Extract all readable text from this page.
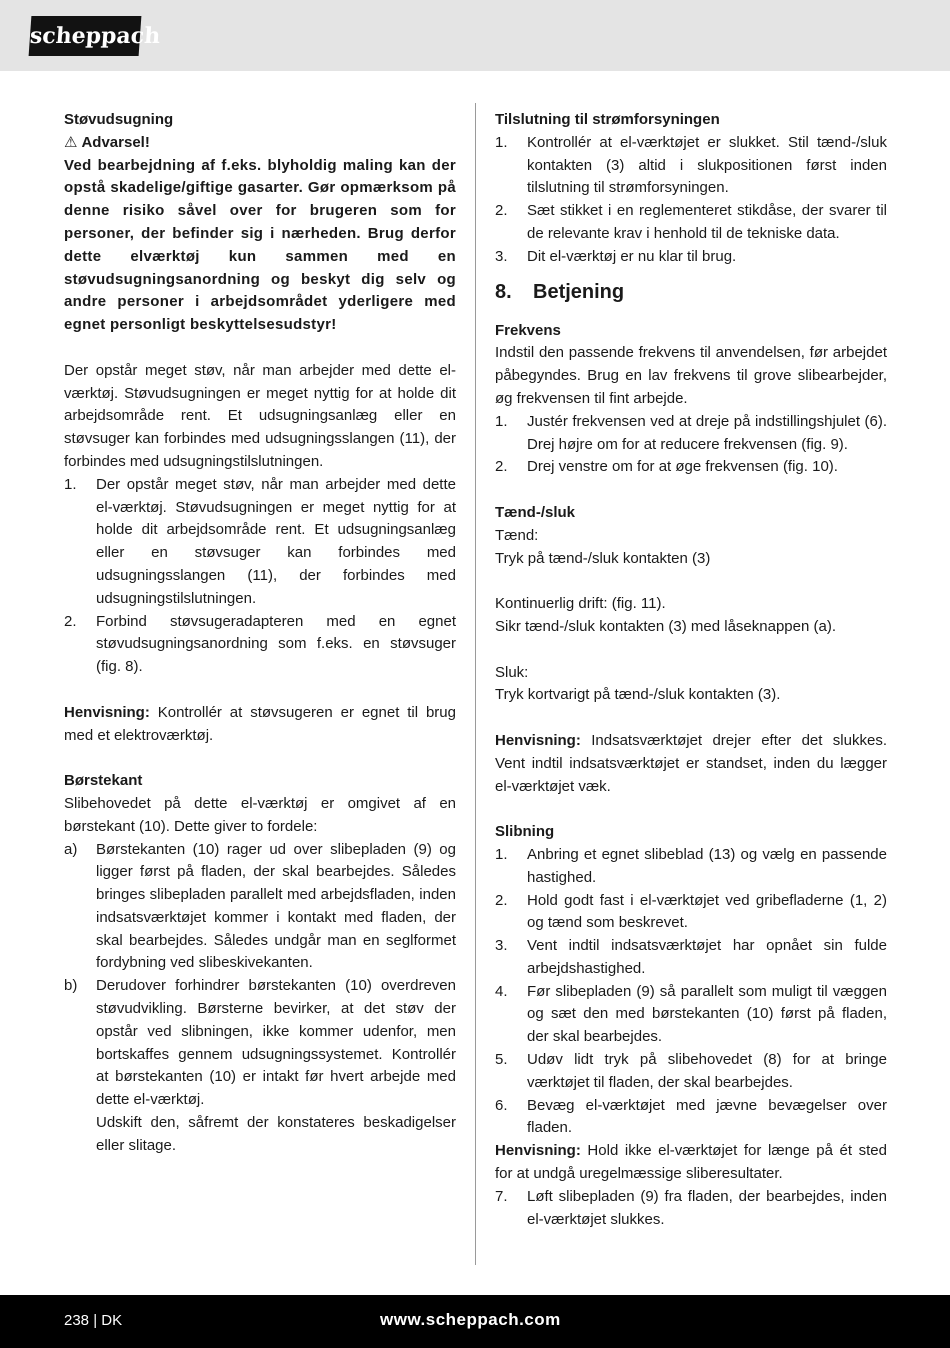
scheppach
Støvudsugning
⚠ Advarsel!
Ved bearbejdning af f.eks. blyholdig maling kan der opstå skadelige/giftige gasarter. Gør opmærksom på denne risiko såvel over for brugeren som for personer, der befinder sig i nærheden. Brug derfor dette elværktøj kun sammen med en støvudsugningsanordning og beskyt dig selv og andre personer i arbejdsområdet yderligere med egnet personligt beskyttelsesudstyr!
Der opstår meget støv, når man arbejder med dette el-værktøj. Støvudsugningen er meget nyttig for at holde dit arbejdsområde rent. Et udsugningsanlæg eller en støvsuger kan forbindes med udsugningsslangen (11), der forbindes med udsugningstilslutningen.
1. Der opstår meget støv, når man arbejder med dette el-værktøj. Støvudsugningen er meget nyttig for at holde dit arbejdsområde rent. Et udsugningsanlæg eller en støvsuger kan forbindes med udsugningsslangen (11), der forbindes med udsugningstilslutningen.
2. Forbind støvsugeradapteren med en egnet støvudsugningsanordning som f.eks. en støvsuger (fig. 8).
Henvisning: Kontrollér at støvsugeren er egnet til brug med et elektroværktøj.
Børstekant
Slibehovedet på dette el-værktøj er omgivet af en børstekant (10). Dette giver to fordele:
a) Børstekanten (10) rager ud over slibepladen (9) og ligger først på fladen, der skal bearbejdes. Således bringes slibepladen parallelt med arbejdsfladen, inden indsatsværktøjet kommer i kontakt med fladen, der skal bearbejdes. Således undgår man en seglformet fordybning ved slibeskivekanten.
b) Derudover forhindrer børstekanten (10) overdreven støvudvikling. Børsterne bevirker, at det støv der opstår ved slibningen, ikke kommer udenfor, men bortskaffes gennem udsugningssystemet. Kontrollér at børstekanten (10) er intakt før hvert arbejde med dette el-værktøj.
Udskift den, såfremt der konstateres beskadigelser eller slitage.
Tilslutning til strømforsyningen
1. Kontrollér at el-værktøjet er slukket. Stil tænd-/sluk kontakten (3) altid i slukpositionen først inden tilslutning til strømforsyningen.
2. Sæt stikket i en reglementeret stikdåse, der svarer til de relevante krav i henhold til de tekniske data.
3. Dit el-værktøj er nu klar til brug.
8. Betjening
Frekvens
Indstil den passende frekvens til anvendelsen, før arbejdet påbegyndes. Brug en lav frekvens til grove slibearbejder, øg frekvensen til fint arbejde.
1. Justér frekvensen ved at dreje på indstillingshjulet (6). Drej højre om for at reducere frekvensen (fig. 9).
2. Drej venstre om for at øge frekvensen (fig. 10).
Tænd-/sluk
Tænd:
Tryk på tænd-/sluk kontakten (3)
Kontinuerlig drift: (fig. 11).
Sikr tænd-/sluk kontakten (3) med låseknappen (a).
Sluk:
Tryk kortvarigt på tænd-/sluk kontakten (3).
Henvisning: Indsatsværktøjet drejer efter det slukkes. Vent indtil indsatsværktøjet er standset, inden du lægger el-værktøjet væk.
Slibning
1. Anbring et egnet slibeblad (13) og vælg en passende hastighed.
2. Hold godt fast i el-værktøjet ved gribefladerne (1, 2) og tænd som beskrevet.
3. Vent indtil indsatsværktøjet har opnået sin fulde arbejdshastighed.
4. Før slibepladen (9) så parallelt som muligt til væggen og sæt den med børstekanten (10) først på fladen, der skal bearbejdes.
5. Udøv lidt tryk på slibehovedet (8) for at bringe værktøjet til fladen, der skal bearbejdes.
6. Bevæg el-værktøjet med jævne bevægelser over fladen.
Henvisning: Hold ikke el-værktøjet for længe på ét sted for at undgå uregelmæssige sliberesultater.
7. Løft slibepladen (9) fra fladen, der bearbejdes, inden el-værktøjet slukkes.
238 | DK	www.scheppach.com
